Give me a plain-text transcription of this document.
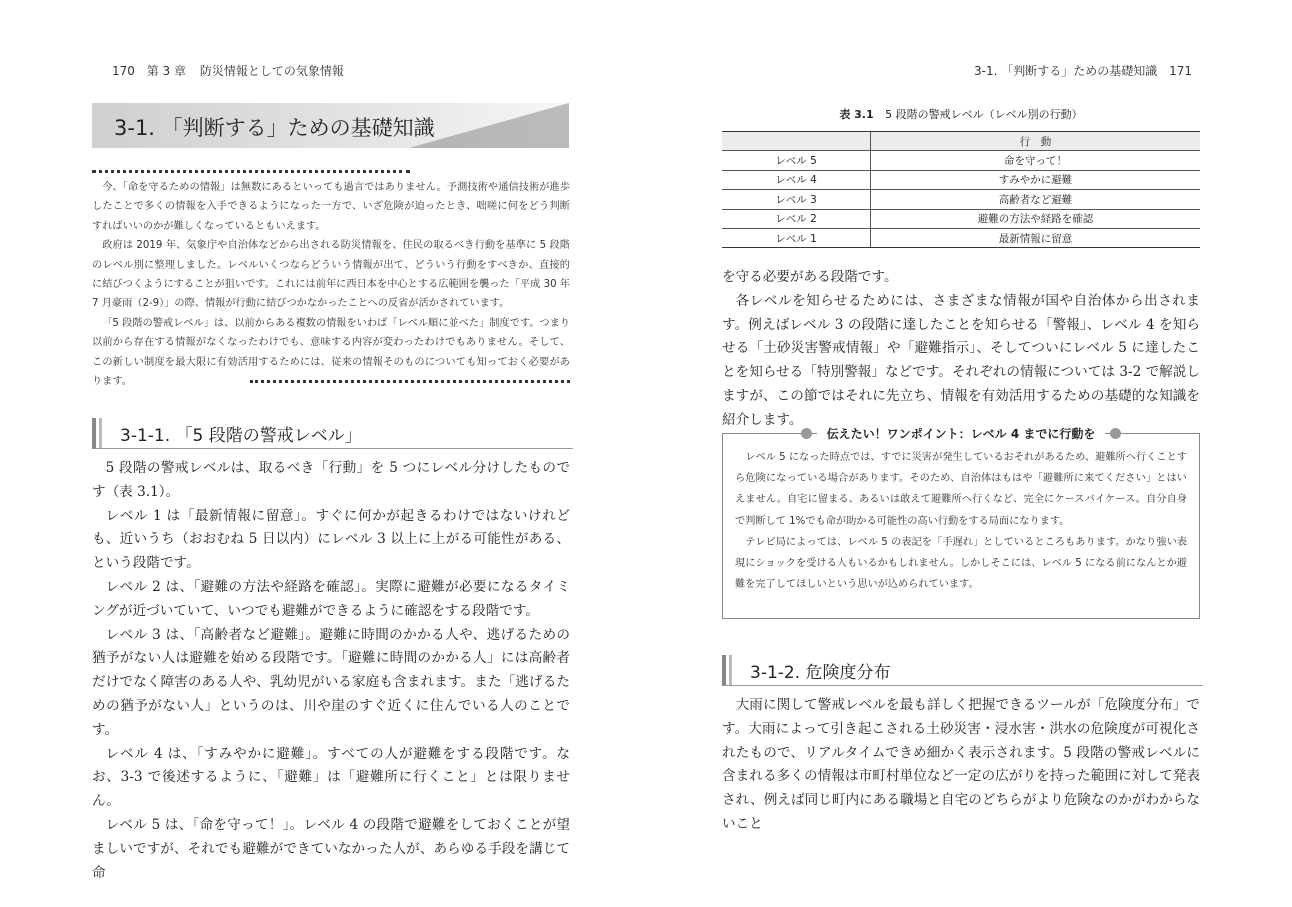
170 第 3 章 防災情報としての気象情報
3-1. 「判断する」ための基礎知識

今、「命を守るための情報」は無数にあるといっても過言ではありません。予測技術や通信技術が進歩したことで多くの情報を入手できるようになった一方で、いざ危険が迫ったとき、咄嗟に何をどう判断すればいいのかが難しくなっているともいえます。

政府は 2019 年、気象庁や自治体などから出される防災情報を、住民の取るべき行動を基準に 5 段階のレベル別に整理しました。レベルいくつならどういう情報が出て、どういう行動をすべきか、直接的に結びつくようにすることが狙いです。これには前年に西日本を中心とする広範囲を襲った「平成 30 年 7 月豪雨（2-9）」の際、情報が行動に結びつかなかったことへの反省が活かされています。

「5 段階の警戒レベル」は、以前からある複数の情報をいわば「レベル順に並べた」制度です。つまり以前から存在する情報がなくなったわけでも、意味する内容が変わったわけでもありません。そして、この新しい制度を最大限に有効活用するためには、従来の情報そのものについても知っておく必要があります。

3-1-1. 「5 段階の警戒レベル」

5 段階の警戒レベルは、取るべき「行動」を 5 つにレベル分けしたものです（表 3.1）。

レベル 1 は「最新情報に留意」。すぐに何かが起きるわけではないけれども、近いうち（おおむね 5 日以内）にレベル 3 以上に上がる可能性がある、という段階です。

レベル 2 は、「避難の方法や経路を確認」。実際に避難が必要になるタイミングが近づいていて、いつでも避難ができるように確認をする段階です。

レベル 3 は、「高齢者など避難」。避難に時間のかかる人や、逃げるための猶予がない人は避難を始める段階です。「避難に時間のかかる人」には高齢者だけでなく障害のある人や、乳幼児がいる家庭も含まれます。また「逃げるための猶予がない人」というのは、川や崖のすぐ近くに住んでいる人のことです。

レベル 4 は、「すみやかに避難」。すべての人が避難をする段階です。なお、3-3 で後述するように、「避難」は「避難所に行くこと」とは限りません。

レベル 5 は、「命を守って！」。レベル 4 の段階で避難をしておくことが望ましいですが、それでも避難ができていなかった人が、あらゆる手段を講じて命

3-1. 「判断する」ための基礎知識 171
表 3.1 5 段階の警戒レベル（レベル別の行動）
	行　動
レベル 5	命を守って！
レベル 4	すみやかに避難
レベル 3	高齢者など避難
レベル 2	避難の方法や経路を確認
レベル 1	最新情報に留意

を守る必要がある段階です。

各レベルを知らせるためには、さまざまな情報が国や自治体から出されます。例えばレベル 3 の段階に達したことを知らせる「警報」、レベル 4 を知らせる「土砂災害警戒情報」や「避難指示」、そしてついにレベル 5 に達したことを知らせる「特別警報」などです。それぞれの情報については 3-2 で解説しますが、この節ではそれに先立ち、情報を有効活用するための基礎的な知識を紹介します。

伝えたい！ワンポイント：レベル 4 までに行動を

レベル 5 になった時点では、すでに災害が発生しているおそれがあるため、避難所へ行くことすら危険になっている場合があります。そのため、自治体はもはや「避難所に来てください」とはいえません。自宅に留まる、あるいは敢えて避難所へ行くなど、完全にケースバイケース。自分自身で判断して 1%でも命が助かる可能性の高い行動をする局面になります。

テレビ局によっては、レベル 5 の表記を「手遅れ」としているところもあります。かなり強い表現にショックを受ける人もいるかもしれません。しかしそこには、レベル 5 になる前になんとか避難を完了してほしいという思いが込められています。

3-1-2. 危険度分布

大雨に関して警戒レベルを最も詳しく把握できるツールが「危険度分布」です。大雨によって引き起こされる土砂災害・浸水害・洪水の危険度が可視化されたもので、リアルタイムできめ細かく表示されます。5 段階の警戒レベルに含まれる多くの情報は市町村単位など一定の広がりを持った範囲に対して発表され、例えば同じ町内にある職場と自宅のどちらがより危険なのかがわからないこと
